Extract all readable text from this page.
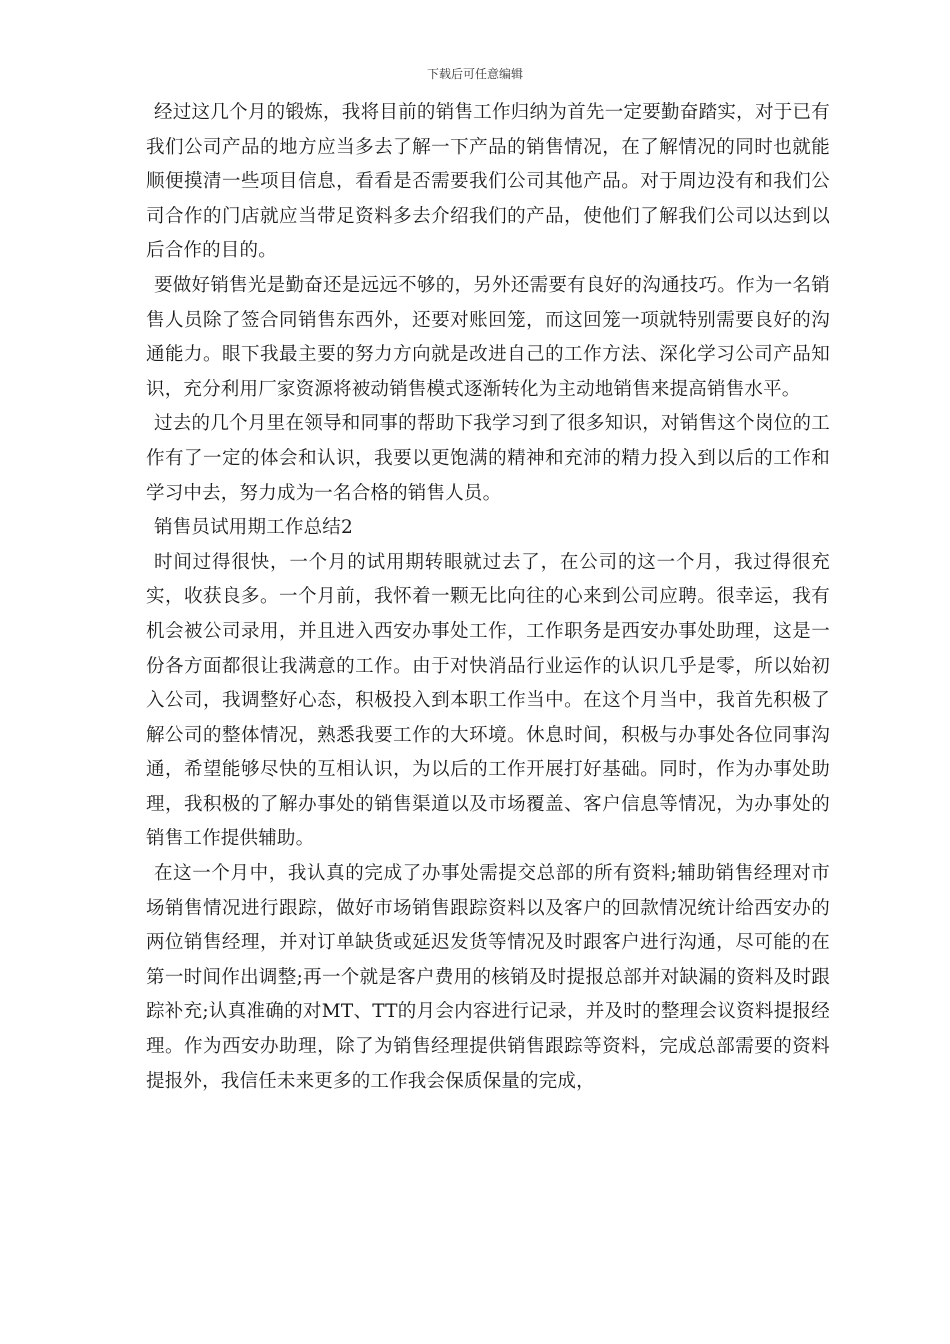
下载后可任意编辑

经过这几个月的锻炼，我将目前的销售工作归纳为首先一定要勤奋踏实，对于已有我们公司产品的地方应当多去了解一下产品的销售情况，在了解情况的同时也就能顺便摸清一些项目信息，看看是否需要我们公司其他产品。对于周边没有和我们公司合作的门店就应当带足资料多去介绍我们的产品，使他们了解我们公司以达到以后合作的目的。

要做好销售光是勤奋还是远远不够的，另外还需要有良好的沟通技巧。作为一名销售人员除了签合同销售东西外，还要对账回笼，而这回笼一项就特别需要良好的沟通能力。眼下我最主要的努力方向就是改进自己的工作方法、深化学习公司产品知识，充分利用厂家资源将被动销售模式逐渐转化为主动地销售来提高销售水平。

过去的几个月里在领导和同事的帮助下我学习到了很多知识，对销售这个岗位的工作有了一定的体会和认识，我要以更饱满的精神和充沛的精力投入到以后的工作和学习中去，努力成为一名合格的销售人员。

销售员试用期工作总结2

时间过得很快，一个月的试用期转眼就过去了，在公司的这一个月，我过得很充实，收获良多。一个月前，我怀着一颗无比向往的心来到公司应聘。很幸运，我有机会被公司录用，并且进入西安办事处工作，工作职务是西安办事处助理，这是一份各方面都很让我满意的工作。由于对快消品行业运作的认识几乎是零，所以始初入公司，我调整好心态，积极投入到本职工作当中。在这个月当中，我首先积极了解公司的整体情况，熟悉我要工作的大环境。休息时间，积极与办事处各位同事沟通，希望能够尽快的互相认识，为以后的工作开展打好基础。同时，作为办事处助理，我积极的了解办事处的销售渠道以及市场覆盖、客户信息等情况，为办事处的销售工作提供辅助。

在这一个月中，我认真的完成了办事处需提交总部的所有资料;辅助销售经理对市场销售情况进行跟踪，做好市场销售跟踪资料以及客户的回款情况统计给西安办的两位销售经理，并对订单缺货或延迟发货等情况及时跟客户进行沟通，尽可能的在第一时间作出调整;再一个就是客户费用的核销及时提报总部并对缺漏的资料及时跟踪补充;认真准确的对MT、TT的月会内容进行记录，并及时的整理会议资料提报经理。作为西安办助理，除了为销售经理提供销售跟踪等资料，完成总部需要的资料提报外，我信任未来更多的工作我会保质保量的完成，
